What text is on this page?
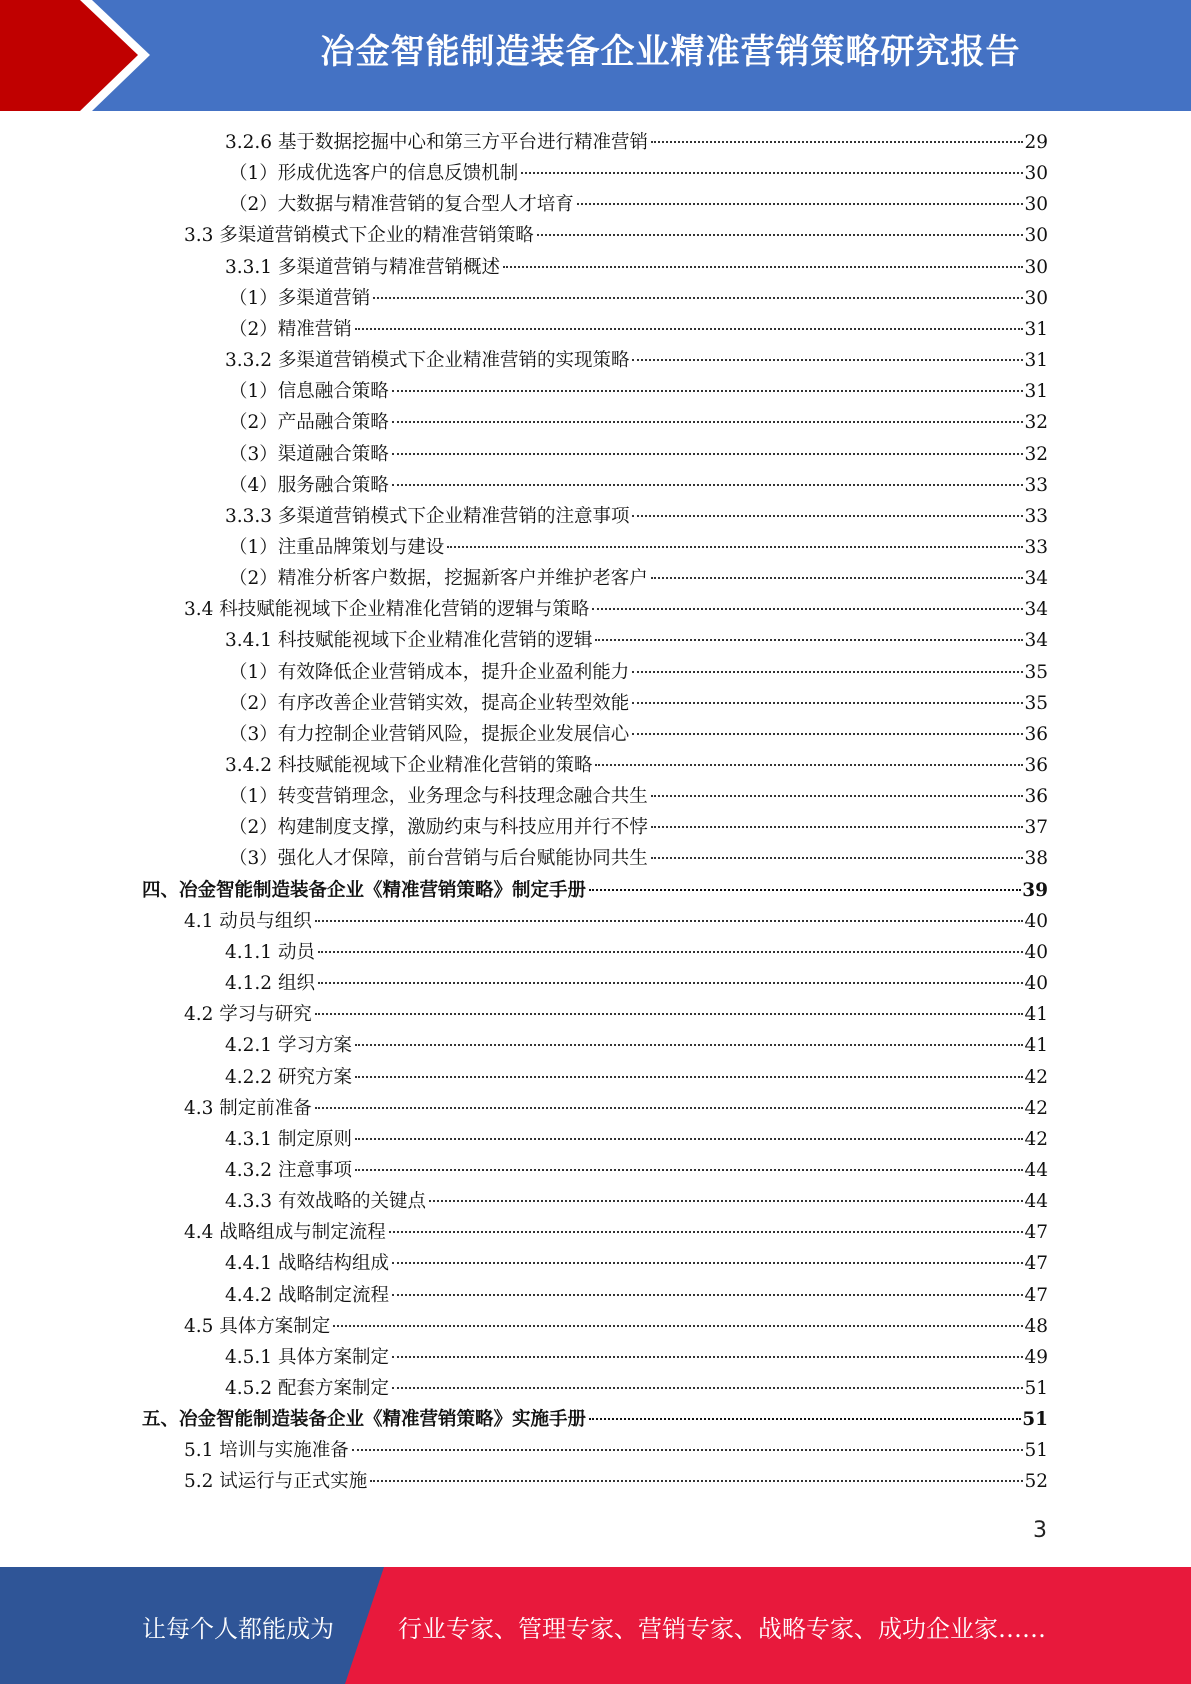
冶金智能制造装备企业精准营销策略研究报告
3.2.6 基于数据挖掘中心和第三方平台进行精准营销	29
（1）形成优选客户的信息反馈机制	30
（2）大数据与精准营销的复合型人才培育	30
3.3 多渠道营销模式下企业的精准营销策略	30
3.3.1 多渠道营销与精准营销概述	30
（1）多渠道营销	30
（2）精准营销	31
3.3.2 多渠道营销模式下企业精准营销的实现策略	31
（1）信息融合策略	31
（2）产品融合策略	32
（3）渠道融合策略	32
（4）服务融合策略	33
3.3.3 多渠道营销模式下企业精准营销的注意事项	33
（1）注重品牌策划与建设	33
（2）精准分析客户数据，挖掘新客户并维护老客户	34
3.4 科技赋能视域下企业精准化营销的逻辑与策略	34
3.4.1 科技赋能视域下企业精准化营销的逻辑	34
（1）有效降低企业营销成本，提升企业盈利能力	35
（2）有序改善企业营销实效，提高企业转型效能	35
（3）有力控制企业营销风险，提振企业发展信心	36
3.4.2 科技赋能视域下企业精准化营销的策略	36
（1）转变营销理念，业务理念与科技理念融合共生	36
（2）构建制度支撑，激励约束与科技应用并行不悖	37
（3）强化人才保障，前台营销与后台赋能协同共生	38
四、冶金智能制造装备企业《精准营销策略》制定手册	39
4.1 动员与组织	40
4.1.1 动员	40
4.1.2 组织	40
4.2 学习与研究	41
4.2.1 学习方案	41
4.2.2 研究方案	42
4.3 制定前准备	42
4.3.1 制定原则	42
4.3.2 注意事项	44
4.3.3 有效战略的关键点	44
4.4 战略组成与制定流程	47
4.4.1 战略结构组成	47
4.4.2 战略制定流程	47
4.5 具体方案制定	48
4.5.1 具体方案制定	49
4.5.2 配套方案制定	51
五、冶金智能制造装备企业《精准营销策略》实施手册	51
5.1 培训与实施准备	51
5.2 试运行与正式实施	52
3
让每个人都能成为	行业专家、管理专家、营销专家、战略专家、成功企业家……
